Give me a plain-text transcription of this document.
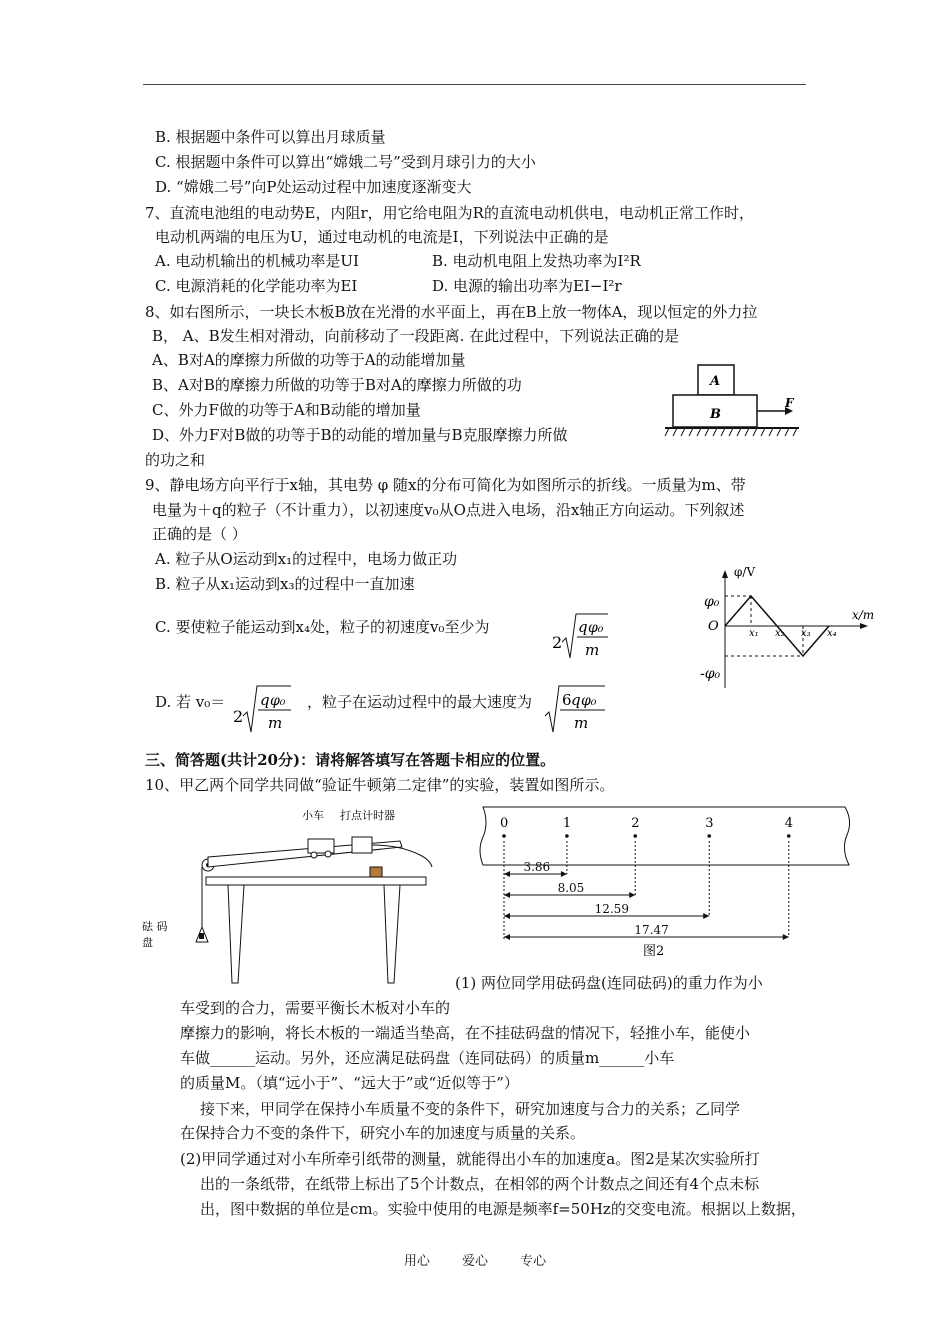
B. 根据题中条件可以算出月球质量
C. 根据题中条件可以算出“嫦娥二号”受到月球引力的大小
D. “嫦娥二号”向P处运动过程中加速度逐渐变大
7、直流电池组的电动势E，内阻r，用它给电阻为R的直流电动机供电，电动机正常工作时，
电动机两端的电压为U，通过电动机的电流是I，下列说法中正确的是
A. 电动机输出的机械功率是UI	B. 电动机电阻上发热功率为I²R
C. 电源消耗的化学能功率为EI	D. 电源的输出功率为EI−I²r
8、如右图所示，一块长木板B放在光滑的水平面上，再在B上放一物体A，现以恒定的外力拉
B， A、B发生相对滑动，向前移动了一段距离. 在此过程中，下列说法正确的是
A、B对A的摩擦力所做的功等于A的动能增加量
B、A对B的摩擦力所做的功等于B对A的摩擦力所做的功
C、外力F做的功等于A和B动能的增加量
D、外力F对B做的功等于B的动能的增加量与B克服摩擦力所做
的功之和
9、静电场方向平行于x轴，其电势 φ 随x的分布可简化为如图所示的折线。一质量为m、带
电量为＋q的粒子（不计重力），以初速度v₀从O点进入电场，沿x轴正方向运动。下列叙述
正确的是（ ）
A. 粒子从O运动到x₁的过程中，电场力做正功
B. 粒子从x₁运动到x₃的过程中一直加速
C. 要使粒子能运动到x₄处，粒子的初速度v₀至少为
D. 若 v₀＝	，粒子在运动过程中的最大速度为
2
q φ₀
m
2
q φ₀
m
6 q φ₀
m
三、简答题(共计20分)：请将解答填写在答题卡相应的位置。
10、甲乙两个同学共同做“验证牛顿第二定律”的实验，装置如图所示。
(1) 两位同学用砝码盘(连同砝码)的重力作为小
车受到的合力，需要平衡长木板对小车的
摩擦力的影响，将长木板的一端适当垫高，在不挂砝码盘的情况下，轻推小车，能使小
车做______运动。另外，还应满足砝码盘（连同砝码）的质量m______小车
的质量M。（填“远小于”、“远大于”或“近似等于”）
接下来，甲同学在保持小车质量不变的条件下，研究加速度与合力的关系；乙同学
在保持合力不变的条件下，研究小车的加速度与质量的关系。
(2)甲同学通过对小车所牵引纸带的测量，就能得出小车的加速度a。图2是某次实验所打
出的一条纸带，在纸带上标出了5个计数点，在相邻的两个计数点之间还有4个点未标
出，图中数据的单位是cm。实验中使用的电源是频率f=50Hz的交变电流。根据以上数据，
A
B
F
φ/V
x/m
O
φ₀
-φ₀
x₁ x₂ x₃ x₄
小车 打点计时器
砝 码
盘
0	1	2	3	4
3.86
8.05
12.59
17.47
图2
用心 爱心 专心
